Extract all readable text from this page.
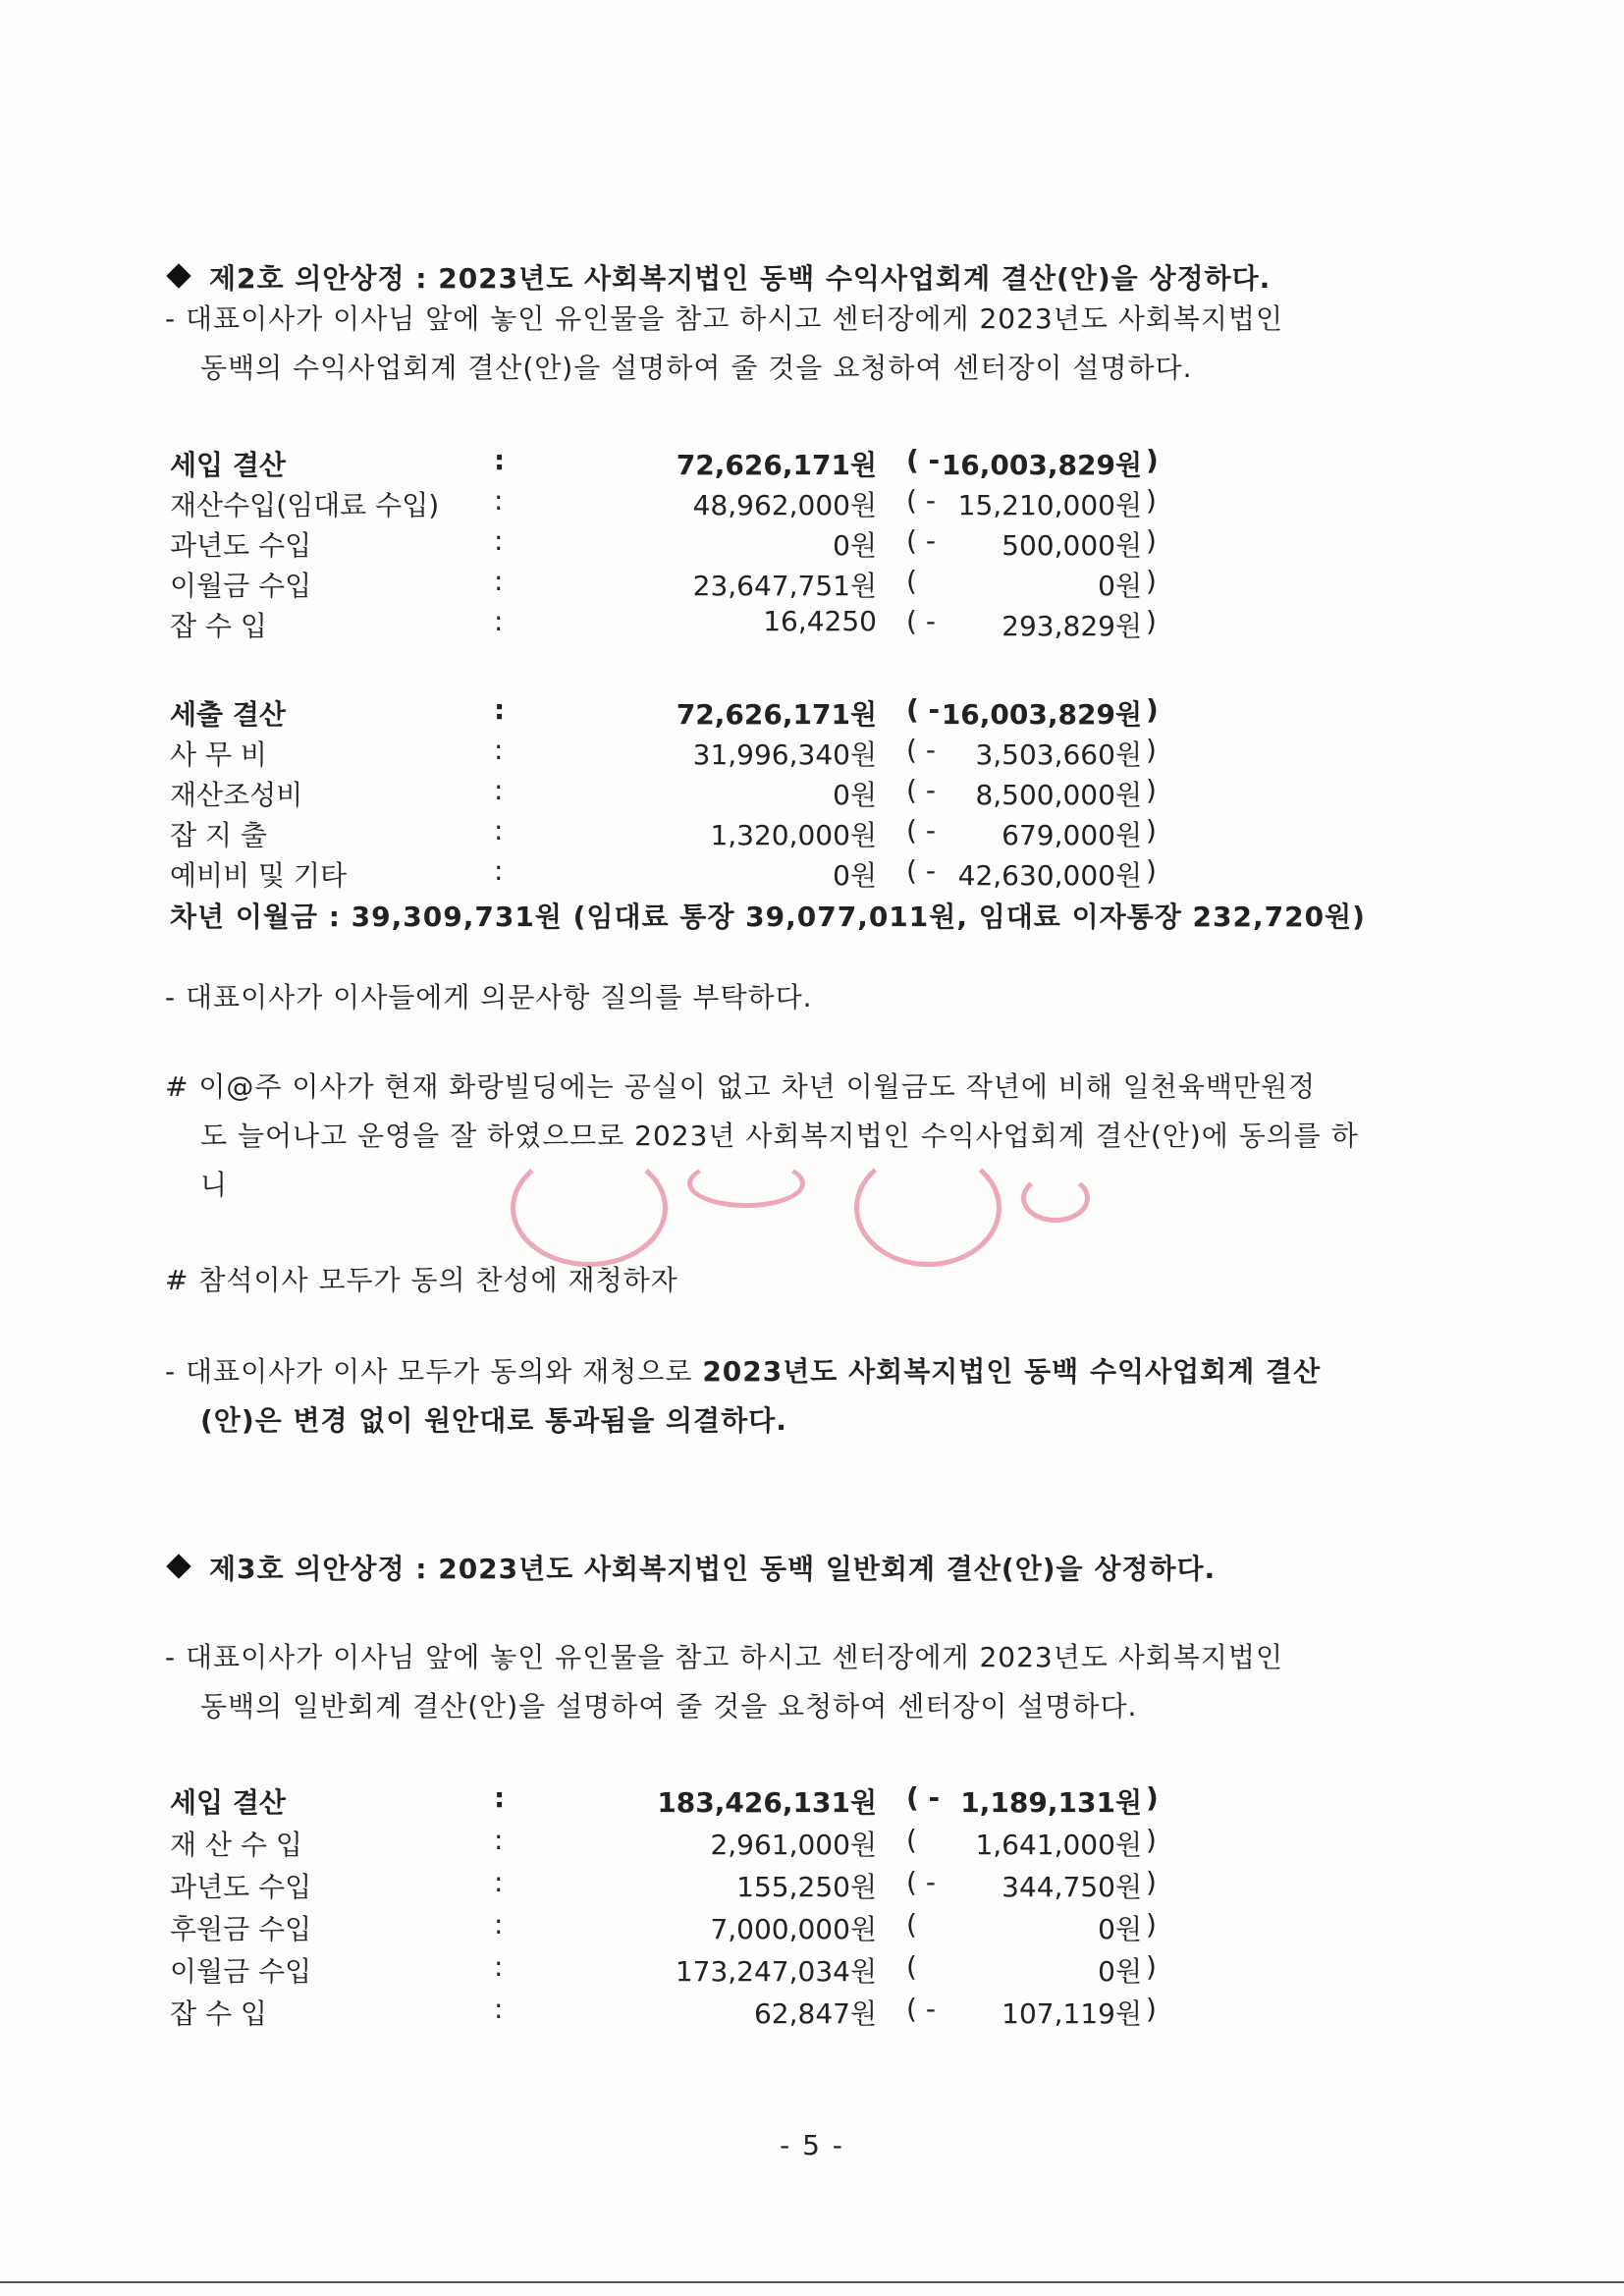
제2호 의안상정 : 2023년도 사회복지법인 동백 수익사업회계 결산(안)을 상정하다.
- 대표이사가 이사님 앞에 놓인 유인물을 참고 하시고 센터장에게 2023년도 사회복지법인
동백의 수익사업회계 결산(안)을 설명하여 줄 것을 요청하여 센터장이 설명하다.
세입 결산	:	72,626,171원 ( - 16,003,829원 )
재산수입(임대료 수입) :	48,962,000원 ( - 15,210,000원 )
과년도 수입	:	0원 ( -	500,000원 )
이월금 수입	:	23,647,751원 (	0원 )
잡 수 입	:	16,4250 ( -	293,829원 )
세출 결산	:	72,626,171원 ( - 16,003,829원 )
사 무 비	:	31,996,340원 ( -	3,503,660원 )
재산조성비	:	0원 ( -	8,500,000원 )
잡 지 출	:	1,320,000원 ( -	679,000원 )
예비비 및 기타	:	0원 ( - 42,630,000원 )
차년 이월금 : 39,309,731원 (임대료 통장 39,077,011원, 임대료 이자통장 232,720원)
- 대표이사가 이사들에게 의문사항 질의를 부탁하다.
# 이@주 이사가 현재 화랑빌딩에는 공실이 없고 차년 이월금도 작년에 비해 일천육백만원정
도 늘어나고 운영을 잘 하였으므로 2023년 사회복지법인 수익사업회계 결산(안)에 동의를 하
니
# 참석이사 모두가 동의 찬성에 재청하자
- 대표이사가 이사 모두가 동의와 재청으로 2023년도 사회복지법인 동백 수익사업회계 결산
(안)은 변경 없이 원안대로 통과됨을 의결하다.
제3호 의안상정 : 2023년도 사회복지법인 동백 일반회계 결산(안)을 상정하다.
- 대표이사가 이사님 앞에 놓인 유인물을 참고 하시고 센터장에게 2023년도 사회복지법인
동백의 일반회계 결산(안)을 설명하여 줄 것을 요청하여 센터장이 설명하다.
세입 결산	:	183,426,131원 ( - 1,189,131원 )
재 산 수 입	:	2,961,000원 (	1,641,000원 )
과년도 수입	:	155,250원 ( -	344,750원 )
후원금 수입	:	7,000,000원 (	0원 )
이월금 수입	:	173,247,034원 (	0원 )
잡 수 입	:	62,847원 ( -	107,119원 )
- 5 -
